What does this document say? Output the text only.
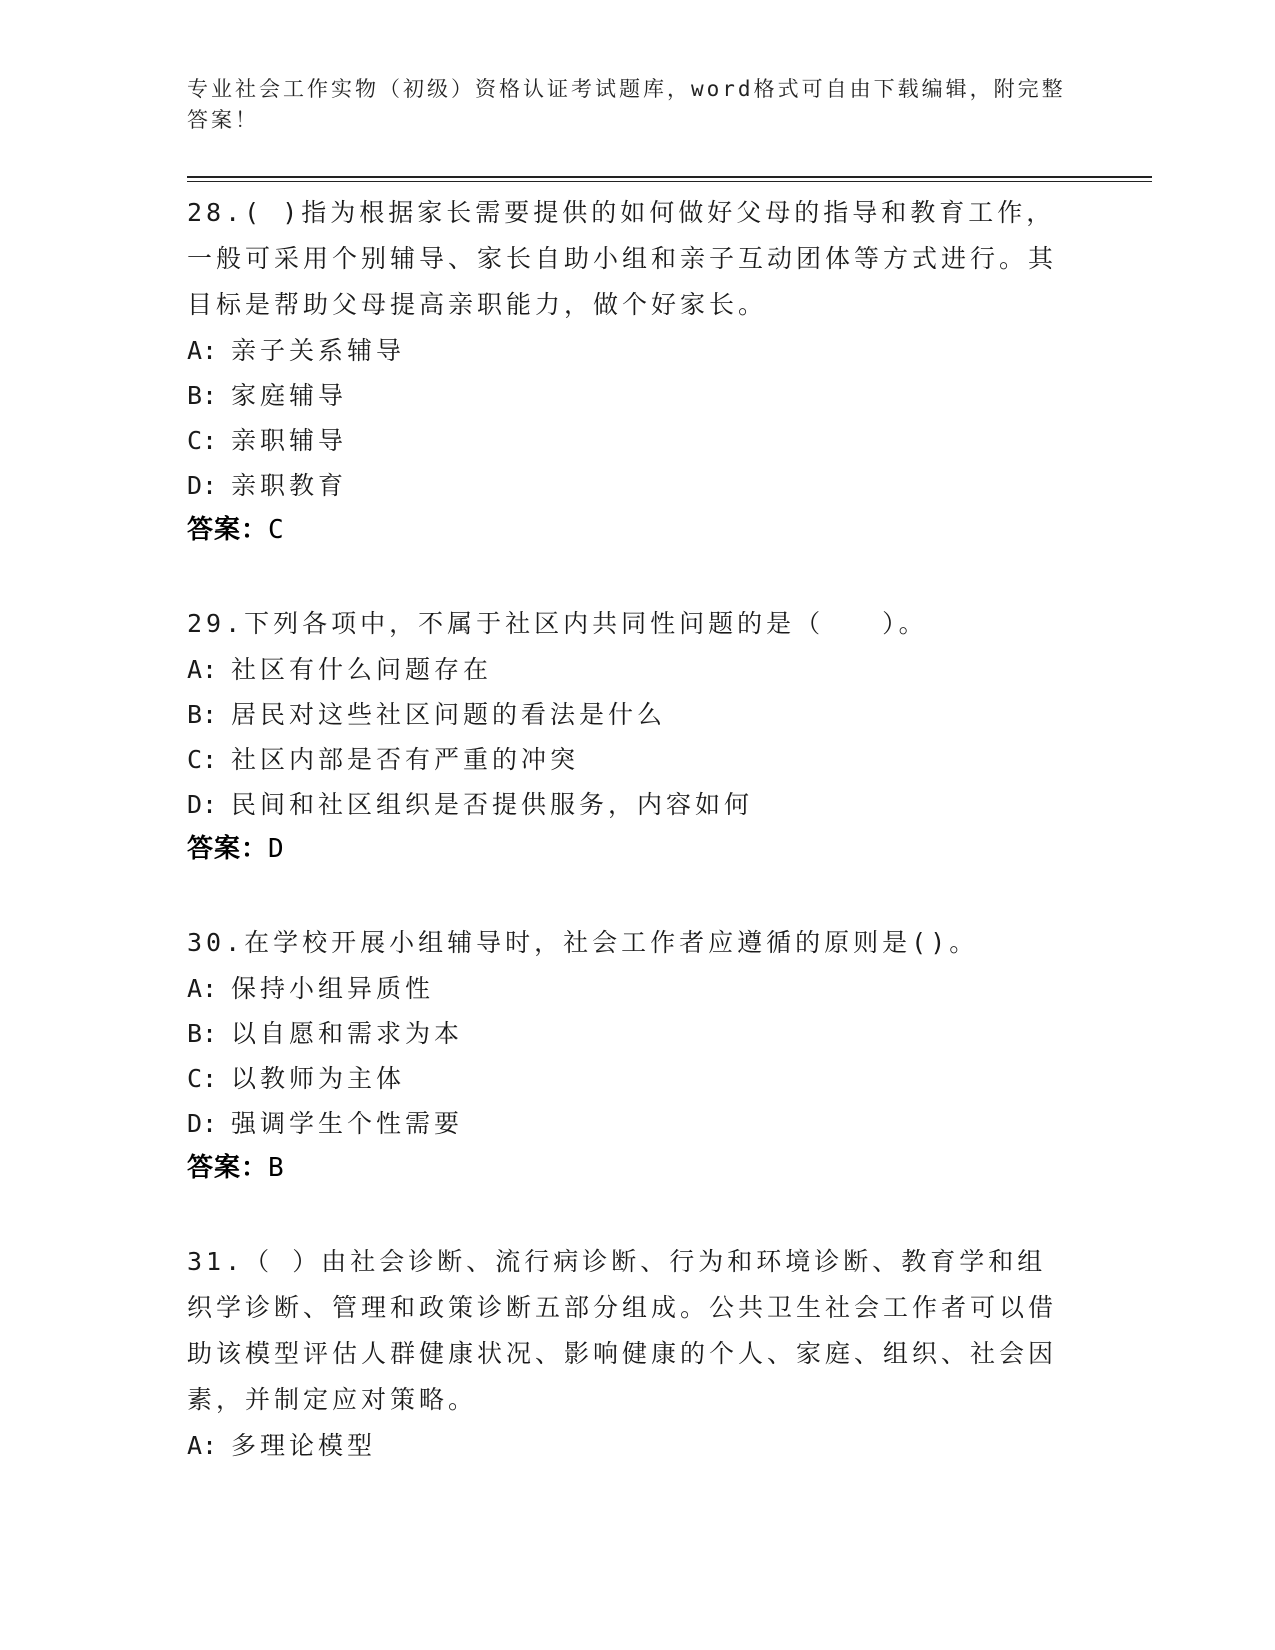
专业社会工作实物（初级）资格认证考试题库，word格式可自由下载编辑，附完整答案！

28.( )指为根据家长需要提供的如何做好父母的指导和教育工作，一般可采用个别辅导、家长自助小组和亲子互动团体等方式进行。其目标是帮助父母提高亲职能力，做个好家长。

A: 亲子关系辅导

B: 家庭辅导

C: 亲职辅导

D: 亲职教育

答案：C

29.下列各项中，不属于社区内共同性问题的是（　　）。

A: 社区有什么问题存在

B: 居民对这些社区问题的看法是什么

C: 社区内部是否有严重的冲突

D: 民间和社区组织是否提供服务，内容如何

答案：D

30.在学校开展小组辅导时，社会工作者应遵循的原则是()。

A: 保持小组异质性

B: 以自愿和需求为本

C: 以教师为主体

D: 强调学生个性需要

答案：B

31.（ ）由社会诊断、流行病诊断、行为和环境诊断、教育学和组织学诊断、管理和政策诊断五部分组成。公共卫生社会工作者可以借助该模型评估人群健康状况、影响健康的个人、家庭、组织、社会因素，并制定应对策略。

A: 多理论模型
